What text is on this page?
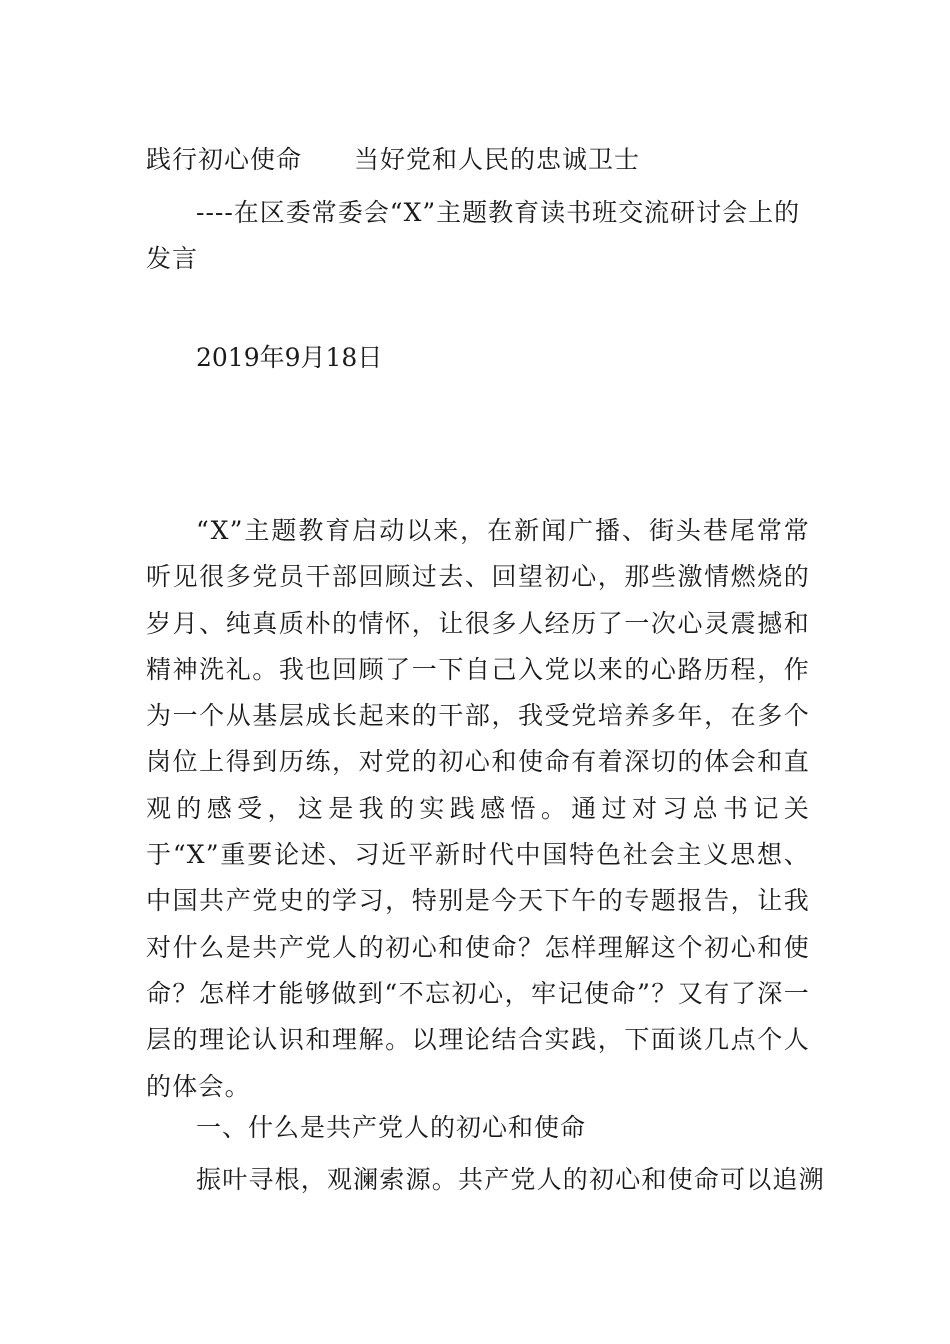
践行初心使命　　当好党和人民的忠诚卫士
----在区委常委会“X”主题教育读书班交流研讨会上的发言
2019年9月18日
“X”主题教育启动以来，在新闻广播、街头巷尾常常听见很多党员干部回顾过去、回望初心，那些激情燃烧的岁月、纯真质朴的情怀，让很多人经历了一次心灵震撼和精神洗礼。我也回顾了一下自己入党以来的心路历程，作为一个从基层成长起来的干部，我受党培养多年，在多个岗位上得到历练，对党的初心和使命有着深切的体会和直观的感受，这是我的实践感悟。通过对习总书记关于“X”重要论述、习近平新时代中国特色社会主义思想、中国共产党史的学习，特别是今天下午的专题报告，让我对什么是共产党人的初心和使命？怎样理解这个初心和使命？怎样才能够做到“不忘初心，牢记使命”？又有了深一层的理论认识和理解。以理论结合实践，下面谈几点个人的体会。
一、什么是共产党人的初心和使命
振叶寻根，观澜索源。共产党人的初心和使命可以追溯
